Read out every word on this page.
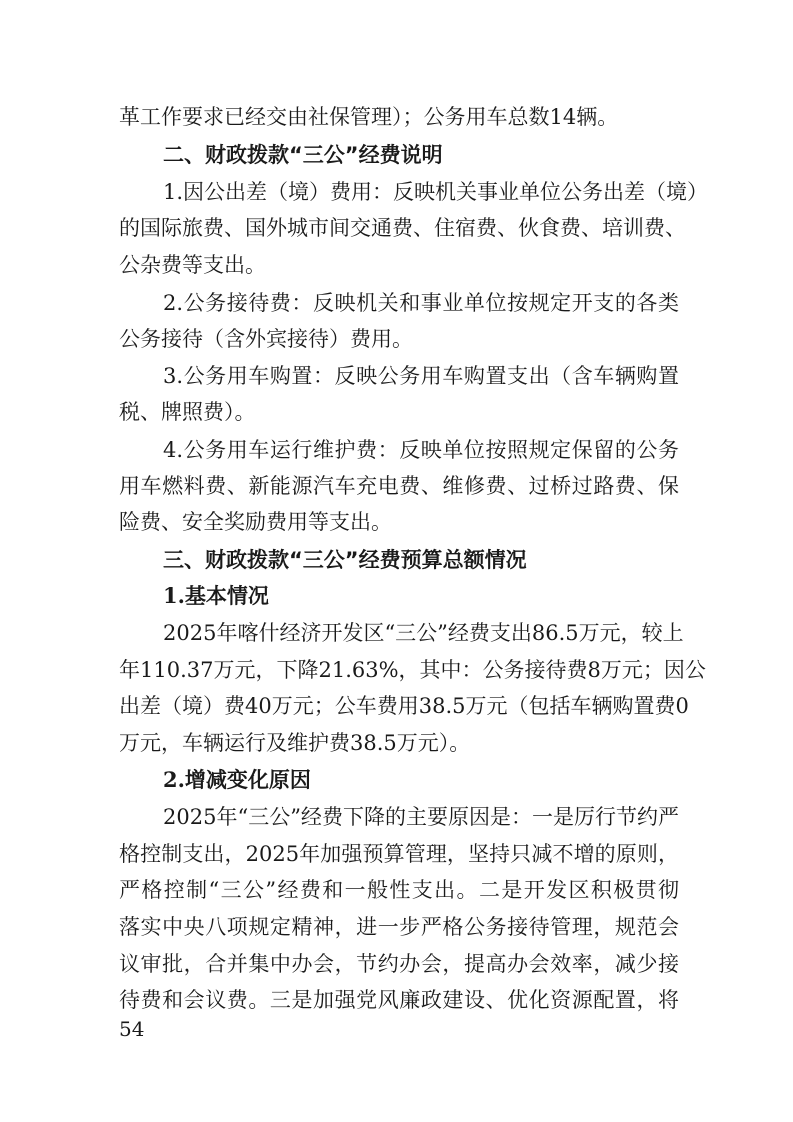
革工作要求已经交由社保管理）；公务用车总数14辆。
二、财政拨款“三公”经费说明
1.因公出差（境）费用：反映机关事业单位公务出差（境）
的国际旅费、国外城市间交通费、住宿费、伙食费、培训费、
公杂费等支出。
2.公务接待费：反映机关和事业单位按规定开支的各类
公务接待（含外宾接待）费用。
3.公务用车购置：反映公务用车购置支出（含车辆购置
税、牌照费）。
4.公务用车运行维护费：反映单位按照规定保留的公务
用车燃料费、新能源汽车充电费、维修费、过桥过路费、保
险费、安全奖励费用等支出。
三、财政拨款“三公”经费预算总额情况
1.基本情况
2025年喀什经济开发区“三公”经费支出86.5万元，较上
年110.37万元，下降21.63%，其中：公务接待费8万元；因公
出差（境）费40万元；公车费用38.5万元（包括车辆购置费0
万元，车辆运行及维护费38.5万元）。
2.增减变化原因
2025年“三公”经费下降的主要原因是：一是厉行节约严
格控制支出，2025年加强预算管理，坚持只减不增的原则，
严格控制“三公”经费和一般性支出。二是开发区积极贯彻
落实中央八项规定精神，进一步严格公务接待管理，规范会
议审批，合并集中办会，节约办会，提高办会效率，减少接
待费和会议费。三是加强党风廉政建设、优化资源配置，将
54
